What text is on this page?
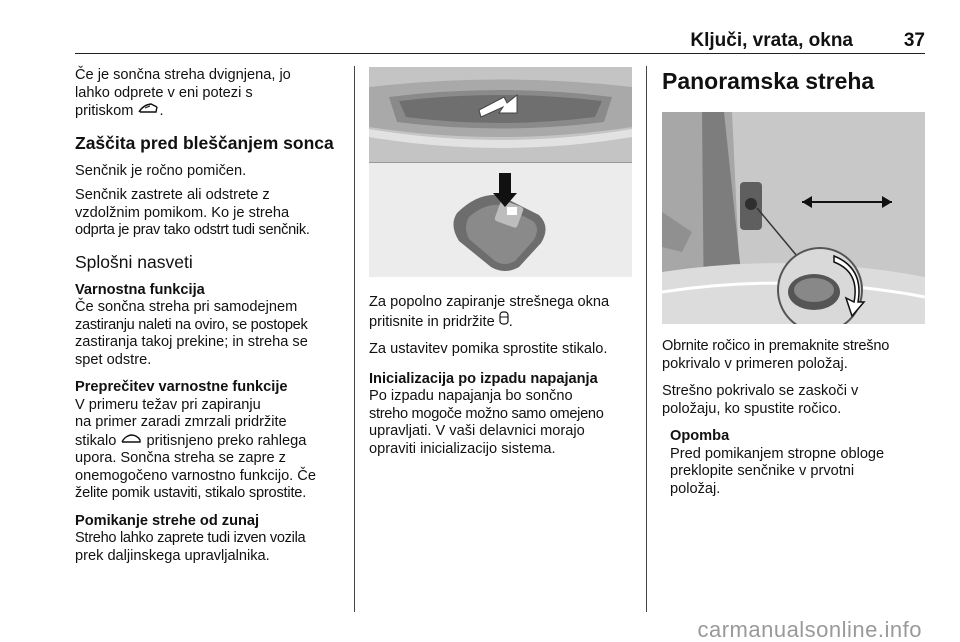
Ključi, vrata, okna	37

Če je sončna streha dvignjena, jo
lahko odprete v eni potezi s
pritiskom .

Zaščita pred bleščanjem sonca

Senčnik je ročno pomičen.

Senčnik zastrete ali odstrete z
vzdolžnim pomikom. Ko je streha
odprta je prav tako odstrt tudi senčnik.

Splošni nasveti

Varnostna funkcija
Če sončna streha pri samodejnem
zastiranju naleti na oviro, se postopek
zastiranja takoj prekine; in streha se
spet odstre.

Preprečitev varnostne funkcije
V primeru težav pri zapiranju
na primer zaradi zmrzali pridržite
stikalo pritisnjeno preko rahlega
upora. Sončna streha se zapre z
onemogočeno varnostno funkcijo. Če
želite pomik ustaviti, stikalo sprostite.

Pomikanje strehe od zunaj
Streho lahko zaprete tudi izven vozila
prek daljinskega upravljalnika.

Za popolno zapiranje strešnega okna
pritisnite in pridržite .

Za ustavitev pomika sprostite stikalo.

Inicializacija po izpadu napajanja
Po izpadu napajanja bo sončno
streho mogoče možno samo omejeno
upravljati. V vaši delavnici morajo
opraviti inicializacijo sistema.

Panoramska streha

Obrnite ročico in premaknite strešno
pokrivalo v primeren položaj.

Strešno pokrivalo se zaskoči v
položaju, ko spustite ročico.

Opomba
Pred pomikanjem stropne obloge
preklopite senčnike v prvotni
položaj.

carmanualsonline.info
